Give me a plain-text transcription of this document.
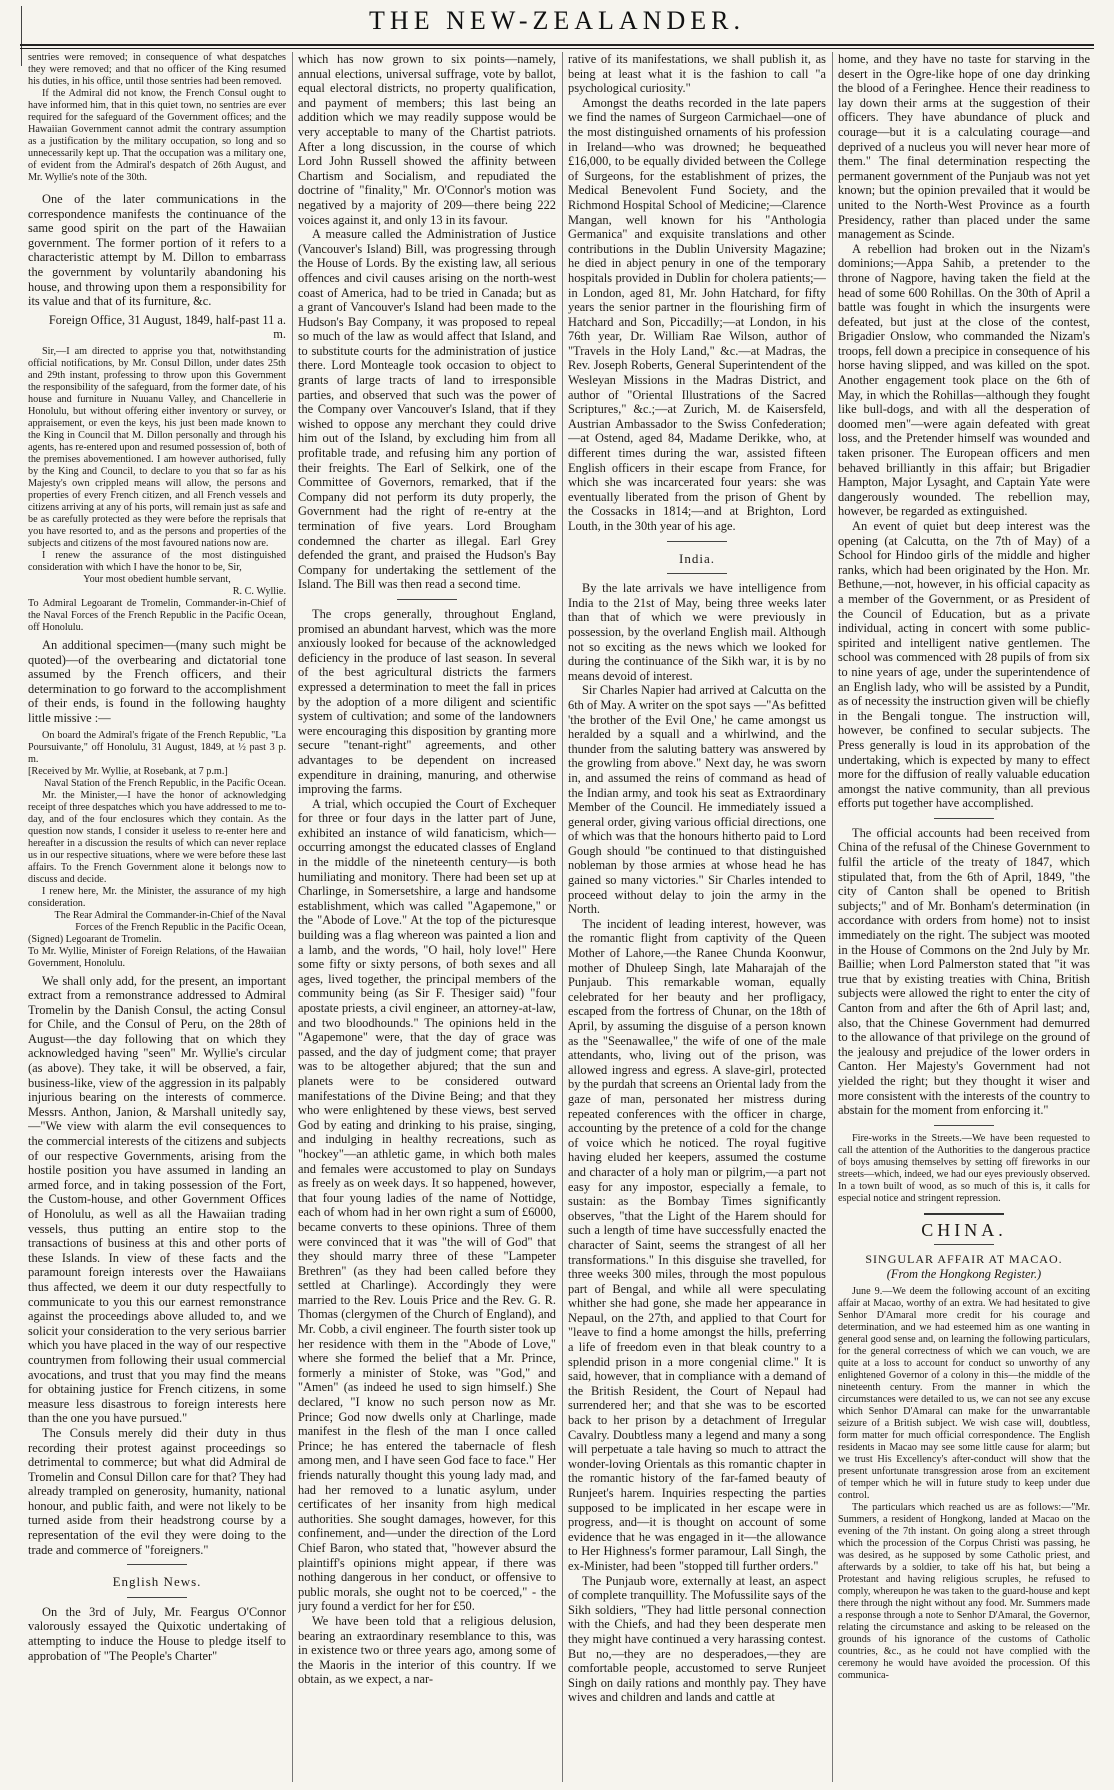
THE NEW-ZEALANDER.

sentries were removed; in consequence of what despatches they were removed; and that no officer of the King resumed his duties, in his office, until those sentries had been removed.

If the Admiral did not know, the French Consul ought to have informed him, that in this quiet town, no sentries are ever required for the safeguard of the Government offices; and the Hawaiian Government cannot admit the contrary assumption as a justification by the military occupation, so long and so unnecessarily kept up. That the occupation was a military one, of evident from the Admiral's despatch of 26th August, and Mr. Wyllie's note of the 30th.

One of the later communications in the correspondence manifests the continuance of the same good spirit on the part of the Hawaiian government. The former portion of it refers to a characteristic attempt by M. Dillon to embarrass the government by voluntarily abandoning his house, and throwing upon them a responsibility for its value and that of its furniture, &c.

Foreign Office, 31 August, 1849, half-past 11 a. m.

Sir,—I am directed to apprise you that, notwithstanding official notifications, by Mr. Consul Dillon, under dates 25th and 29th instant, professing to throw upon this Government the responsibility of the safeguard, from the former date, of his house and furniture in Nuuanu Valley, and Chancellerie in Honolulu, but without offering either inventory or survey, or appraisement, or even the keys, his just been made known to the King in Council that M. Dillon personally and through his agents, has re-entered upon and resumed possession of, both of the premises abovementioned. I am however authorised, fully by the King and Council, to declare to you that so far as his Majesty's own crippled means will allow, the persons and properties of every French citizen, and all French vessels and citizens arriving at any of his ports, will remain just as safe and be as carefully protected as they were before the reprisals that you have resorted to, and as the persons and properties of the subjects and citizens of the most favoured nations now are.

I renew the assurance of the most distinguished consideration with which I have the honor to be, Sir,

Your most obedient humble servant,

R. C. Wyllie.

To Admiral Legoarant de Tromelin, Commander-in-Chief of the Naval Forces of the French Republic in the Pacific Ocean, off Honolulu.

An additional specimen—(many such might be quoted)—of the overbearing and dictatorial tone assumed by the French officers, and their determination to go forward to the accomplishment of their ends, is found in the following haughty little missive :—

On board the Admiral's frigate of the French Republic, "La Poursuivante," off Honolulu, 31 August, 1849, at ½ past 3 p. m.

[Received by Mr. Wyllie, at Rosebank, at 7 p.m.]

Naval Station of the French Republic, in the Pacific Ocean.

Mr. the Minister,—I have the honor of acknowledging receipt of three despatches which you have addressed to me to-day, and of the four enclosures which they contain. As the question now stands, I consider it useless to re-enter here and hereafter in a discussion the results of which can never replace us in our respective situations, where we were before these last affairs. To the French Government alone it belongs now to discuss and decide.

I renew here, Mr. the Minister, the assurance of my high consideration.

The Rear Admiral the Commander-in-Chief of the Naval Forces of the French Republic in the Pacific Ocean,

(Signed) Legoarant de Tromelin.

To Mr. Wyllie, Minister of Foreign Relations, of the Hawaiian Government, Honolulu.

We shall only add, for the present, an important extract from a remonstrance addressed to Admiral Tromelin by the Danish Consul, the acting Consul for Chile, and the Consul of Peru, on the 28th of August—the day following that on which they acknowledged having "seen" Mr. Wyllie's circular (as above). They take, it will be observed, a fair, business-like, view of the aggression in its palpably injurious bearing on the interests of commerce. Messrs. Anthon, Janion, & Marshall unitedly say,—"We view with alarm the evil consequences to the commercial interests of the citizens and subjects of our respective Governments, arising from the hostile position you have assumed in landing an armed force, and in taking possession of the Fort, the Custom-house, and other Government Offices of Honolulu, as well as all the Hawaiian trading vessels, thus putting an entire stop to the transactions of business at this and other ports of these Islands. In view of these facts and the paramount foreign interests over the Hawaiians thus affected, we deem it our duty respectfully to communicate to you this our earnest remonstrance against the proceedings above alluded to, and we solicit your consideration to the very serious barrier which you have placed in the way of our respective countrymen from following their usual commercial avocations, and trust that you may find the means for obtaining justice for French citizens, in some measure less disastrous to foreign interests here than the one you have pursued."

The Consuls merely did their duty in thus recording their protest against proceedings so detrimental to commerce; but what did Admiral de Tromelin and Consul Dillon care for that? They had already trampled on generosity, humanity, national honour, and public faith, and were not likely to be turned aside from their headstrong course by a representation of the evil they were doing to the trade and commerce of "foreigners."

English News.

On the 3rd of July, Mr. Feargus O'Connor valorously essayed the Quixotic undertaking of attempting to induce the House to pledge itself to approbation of "The People's Charter"

which has now grown to six points—namely, annual elections, universal suffrage, vote by ballot, equal electoral districts, no property qualification, and payment of members; this last being an addition which we may readily suppose would be very acceptable to many of the Chartist patriots. After a long discussion, in the course of which Lord John Russell showed the affinity between Chartism and Socialism, and repudiated the doctrine of "finality," Mr. O'Connor's motion was negatived by a majority of 209—there being 222 voices against it, and only 13 in its favour.

A measure called the Administration of Justice (Vancouver's Island) Bill, was progressing through the House of Lords. By the existing law, all serious offences and civil causes arising on the north-west coast of America, had to be tried in Canada; but as a grant of Vancouver's Island had been made to the Hudson's Bay Company, it was proposed to repeal so much of the law as would affect that Island, and to substitute courts for the administration of justice there. Lord Monteagle took occasion to object to grants of large tracts of land to irresponsible parties, and observed that such was the power of the Company over Vancouver's Island, that if they wished to oppose any merchant they could drive him out of the Island, by excluding him from all profitable trade, and refusing him any portion of their freights. The Earl of Selkirk, one of the Committee of Governors, remarked, that if the Company did not perform its duty properly, the Government had the right of re-entry at the termination of five years. Lord Brougham condemned the charter as illegal. Earl Grey defended the grant, and praised the Hudson's Bay Company for undertaking the settlement of the Island. The Bill was then read a second time.

The crops generally, throughout England, promised an abundant harvest, which was the more anxiously looked for because of the acknowledged deficiency in the produce of last season. In several of the best agricultural districts the farmers expressed a determination to meet the fall in prices by the adoption of a more diligent and scientific system of cultivation; and some of the landowners were encouraging this disposition by granting more secure "tenant-right" agreements, and other advantages to be dependent on increased expenditure in draining, manuring, and otherwise improving the farms.

A trial, which occupied the Court of Exchequer for three or four days in the latter part of June, exhibited an instance of wild fanaticism, which—occurring amongst the educated classes of England in the middle of the nineteenth century—is both humiliating and monitory. There had been set up at Charlinge, in Somersetshire, a large and handsome establishment, which was called "Agapemone," or the "Abode of Love." At the top of the picturesque building was a flag whereon was painted a lion and a lamb, and the words, "O hail, holy love!" Here some fifty or sixty persons, of both sexes and all ages, lived together, the principal members of the community being (as Sir F. Thesiger said) "four apostate priests, a civil engineer, an attorney-at-law, and two bloodhounds." The opinions held in the "Agapemone" were, that the day of grace was passed, and the day of judgment come; that prayer was to be altogether abjured; that the sun and planets were to be considered outward manifestations of the Divine Being; and that they who were enlightened by these views, best served God by eating and drinking to his praise, singing, and indulging in healthy recreations, such as "hockey"—an athletic game, in which both males and females were accustomed to play on Sundays as freely as on week days. It so happened, however, that four young ladies of the name of Nottidge, each of whom had in her own right a sum of £6000, became converts to these opinions. Three of them were convinced that it was "the will of God" that they should marry three of these "Lampeter Brethren" (as they had been called before they settled at Charlinge). Accordingly they were married to the Rev. Louis Price and the Rev. G. R. Thomas (clergymen of the Church of England), and Mr. Cobb, a civil engineer. The fourth sister took up her residence with them in the "Abode of Love," where she formed the belief that a Mr. Prince, formerly a minister of Stoke, was "God," and "Amen" (as indeed he used to sign himself.) She declared, "I know no such person now as Mr. Prince; God now dwells only at Charlinge, made manifest in the flesh of the man I once called Prince; he has entered the tabernacle of flesh among men, and I have seen God face to face." Her friends naturally thought this young lady mad, and had her removed to a lunatic asylum, under certificates of her insanity from high medical authorities. She sought damages, however, for this confinement, and—under the direction of the Lord Chief Baron, who stated that, "however absurd the plaintiff's opinions might appear, if there was nothing dangerous in her conduct, or offensive to public morals, she ought not to be coerced," - the jury found a verdict for her for £50.

We have been told that a religious delusion, bearing an extraordinary resemblance to this, was in existence two or three years ago, among some of the Maoris in the interior of this country. If we obtain, as we expect, a nar-

rative of its manifestations, we shall publish it, as being at least what it is the fashion to call "a psychological curiosity."

Amongst the deaths recorded in the late papers we find the names of Surgeon Carmichael—one of the most distinguished ornaments of his profession in Ireland—who was drowned; he bequeathed £16,000, to be equally divided between the College of Surgeons, for the establishment of prizes, the Medical Benevolent Fund Society, and the Richmond Hospital School of Medicine;—Clarence Mangan, well known for his "Anthologia Germanica" and exquisite translations and other contributions in the Dublin University Magazine; he died in abject penury in one of the temporary hospitals provided in Dublin for cholera patients;—in London, aged 81, Mr. John Hatchard, for fifty years the senior partner in the flourishing firm of Hatchard and Son, Piccadilly;—at London, in his 76th year, Dr. William Rae Wilson, author of "Travels in the Holy Land," &c.—at Madras, the Rev. Joseph Roberts, General Superintendent of the Wesleyan Missions in the Madras District, and author of "Oriental Illustrations of the Sacred Scriptures," &c.;—at Zurich, M. de Kaisersfeld, Austrian Ambassador to the Swiss Confederation;—at Ostend, aged 84, Madame Derikke, who, at different times during the war, assisted fifteen English officers in their escape from France, for which she was incarcerated four years: she was eventually liberated from the prison of Ghent by the Cossacks in 1814;—and at Brighton, Lord Louth, in the 30th year of his age.

India.

By the late arrivals we have intelligence from India to the 21st of May, being three weeks later than that of which we were previously in possession, by the overland English mail. Although not so exciting as the news which we looked for during the continuance of the Sikh war, it is by no means devoid of interest.

Sir Charles Napier had arrived at Calcutta on the 6th of May. A writer on the spot says —"As befitted 'the brother of the Evil One,' he came amongst us heralded by a squall and a whirlwind, and the thunder from the saluting battery was answered by the growling from above." Next day, he was sworn in, and assumed the reins of command as head of the Indian army, and took his seat as Extraordinary Member of the Council. He immediately issued a general order, giving various official directions, one of which was that the honours hitherto paid to Lord Gough should "be continued to that distinguished nobleman by those armies at whose head he has gained so many victories." Sir Charles intended to proceed without delay to join the army in the North.

The incident of leading interest, however, was the romantic flight from captivity of the Queen Mother of Lahore,—the Ranee Chunda Koonwur, mother of Dhuleep Singh, late Maharajah of the Punjaub. This remarkable woman, equally celebrated for her beauty and her profligacy, escaped from the fortress of Chunar, on the 18th of April, by assuming the disguise of a person known as the "Seenawallee," the wife of one of the male attendants, who, living out of the prison, was allowed ingress and egress. A slave-girl, protected by the purdah that screens an Oriental lady from the gaze of man, personated her mistress during repeated conferences with the officer in charge, accounting by the pretence of a cold for the change of voice which he noticed. The royal fugitive having eluded her keepers, assumed the costume and character of a holy man or pilgrim,—a part not easy for any impostor, especially a female, to sustain: as the Bombay Times significantly observes, "that the Light of the Harem should for such a length of time have successfully enacted the character of Saint, seems the strangest of all her transformations." In this disguise she travelled, for three weeks 300 miles, through the most populous part of Bengal, and while all were speculating whither she had gone, she made her appearance in Nepaul, on the 27th, and applied to that Court for "leave to find a home amongst the hills, preferring a life of freedom even in that bleak country to a splendid prison in a more congenial clime." It is said, however, that in compliance with a demand of the British Resident, the Court of Nepaul had surrendered her; and that she was to be escorted back to her prison by a detachment of Irregular Cavalry. Doubtless many a legend and many a song will perpetuate a tale having so much to attract the wonder-loving Orientals as this romantic chapter in the romantic history of the far-famed beauty of Runjeet's harem. Inquiries respecting the parties supposed to be implicated in her escape were in progress, and—it is thought on account of some evidence that he was engaged in it—the allowance to Her Highness's former paramour, Lall Singh, the ex-Minister, had been "stopped till further orders."

The Punjaub wore, externally at least, an aspect of complete tranquillity. The Mofussilite says of the Sikh soldiers, "They had little personal connection with the Chiefs, and had they been desperate men they might have continued a very harassing contest. But no,—they are no desperadoes,—they are comfortable people, accustomed to serve Runjeet Singh on daily rations and monthly pay. They have wives and children and lands and cattle at

home, and they have no taste for starving in the desert in the Ogre-like hope of one day drinking the blood of a Feringhee. Hence their readiness to lay down their arms at the suggestion of their officers. They have abundance of pluck and courage—but it is a calculating courage—and deprived of a nucleus you will never hear more of them." The final determination respecting the permanent government of the Punjaub was not yet known; but the opinion prevailed that it would be united to the North-West Province as a fourth Presidency, rather than placed under the same management as Scinde.

A rebellion had broken out in the Nizam's dominions;—Appa Sahib, a pretender to the throne of Nagpore, having taken the field at the head of some 600 Rohillas. On the 30th of April a battle was fought in which the insurgents were defeated, but just at the close of the contest, Brigadier Onslow, who commanded the Nizam's troops, fell down a precipice in consequence of his horse having slipped, and was killed on the spot. Another engagement took place on the 6th of May, in which the Rohillas—although they fought like bull-dogs, and with all the desperation of doomed men"—were again defeated with great loss, and the Pretender himself was wounded and taken prisoner. The European officers and men behaved brilliantly in this affair; but Brigadier Hampton, Major Lysaght, and Captain Yate were dangerously wounded. The rebellion may, however, be regarded as extinguished.

An event of quiet but deep interest was the opening (at Calcutta, on the 7th of May) of a School for Hindoo girls of the middle and higher ranks, which had been originated by the Hon. Mr. Bethune,—not, however, in his official capacity as a member of the Government, or as President of the Council of Education, but as a private individual, acting in concert with some public-spirited and intelligent native gentlemen. The school was commenced with 28 pupils of from six to nine years of age, under the superintendence of an English lady, who will be assisted by a Pundit, as of necessity the instruction given will be chiefly in the Bengali tongue. The instruction will, however, be confined to secular subjects. The Press generally is loud in its approbation of the undertaking, which is expected by many to effect more for the diffusion of really valuable education amongst the native community, than all previous efforts put together have accomplished.

The official accounts had been received from China of the refusal of the Chinese Government to fulfil the article of the treaty of 1847, which stipulated that, from the 6th of April, 1849, "the city of Canton shall be opened to British subjects;" and of Mr. Bonham's determination (in accordance with orders from home) not to insist immediately on the right. The subject was mooted in the House of Commons on the 2nd July by Mr. Baillie; when Lord Palmerston stated that "it was true that by existing treaties with China, British subjects were allowed the right to enter the city of Canton from and after the 6th of April last; and, also, that the Chinese Government had demurred to the allowance of that privilege on the ground of the jealousy and prejudice of the lower orders in Canton. Her Majesty's Government had not yielded the right; but they thought it wiser and more consistent with the interests of the country to abstain for the moment from enforcing it."

Fire-works in the Streets.—We have been requested to call the attention of the Authorities to the dangerous practice of boys amusing themselves by setting off fireworks in our streets—which, indeed, we had our eyes previously observed. In a town built of wood, as so much of this is, it calls for especial notice and stringent repression.

CHINA.

SINGULAR AFFAIR AT MACAO.

(From the Hongkong Register.)

June 9.—We deem the following account of an exciting affair at Macao, worthy of an extra. We had hesitated to give Senhor D'Amaral more credit for his courage and determination, and we had esteemed him as one wanting in general good sense and, on learning the following particulars, for the general correctness of which we can vouch, we are quite at a loss to account for conduct so unworthy of any enlightened Governor of a colony in this—the middle of the nineteenth century. From the manner in which the circumstances were detailed to us, we can not see any excuse which Senhor D'Amaral can make for the unwarrantable seizure of a British subject. We wish case will, doubtless, form matter for much official correspondence. The English residents in Macao may see some little cause for alarm; but we trust His Excellency's after-conduct will show that the present unfortunate transgression arose from an excitement of temper which he will in future study to keep under due control.

The particulars which reached us are as follows:—"Mr. Summers, a resident of Hongkong, landed at Macao on the evening of the 7th instant. On going along a street through which the procession of the Corpus Christi was passing, he was desired, as he supposed by some Catholic priest, and afterwards by a soldier, to take off his hat, but being a Protestant and having religious scruples, he refused to comply, whereupon he was taken to the guard-house and kept there through the night without any food. Mr. Summers made a response through a note to Senhor D'Amaral, the Governor, relating the circumstance and asking to be released on the grounds of his ignorance of the customs of Catholic countries, &c., as he could not have complied with the ceremony he would have avoided the procession. Of this communica-
